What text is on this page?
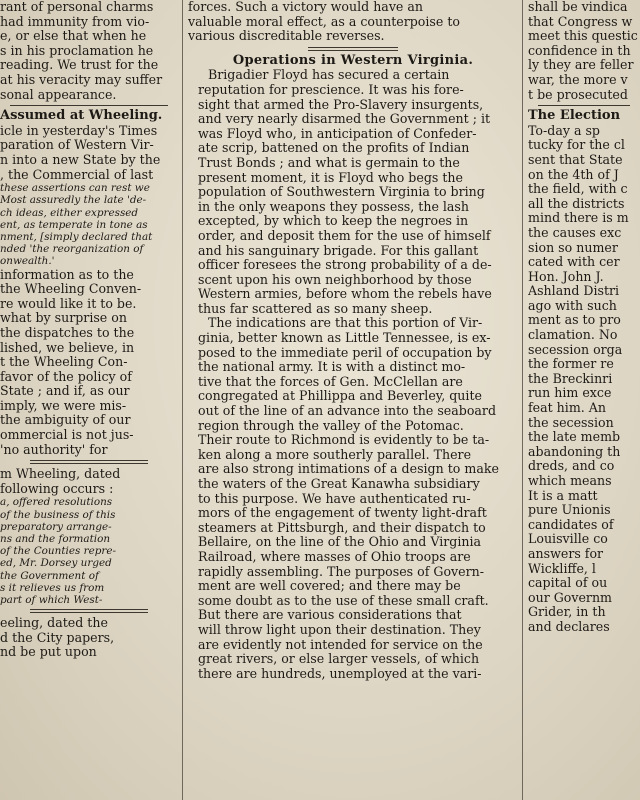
rant of personal charms
had immunity from vio-
e, or else that when he
s in his proclamation he
reading. We trust for the
at his veracity may suffer
sonal appearance.
Assumed at Wheeling.
icle in yesterday's Times
paration of Western Vir-
n into a new State by the
, the Commercial of last
these assertions can rest we
Most assuredly the late 'de-
ch ideas, either expressed
ent, as temperate in tone as
nment, [simply declared that
nded 'the reorganization of
onwealth.'
information as to the
the Wheeling Conven-
re would like it to be.
what by surprise on
the dispatches to the
lished, we believe, in
t the Wheeling Con-
favor of the policy of
State ; and if, as our
imply, we were mis-
the ambiguity of our
ommercial is not jus-
'no authority' for
m Wheeling, dated
following occurs :
a, offered resolutions
of the business of this
preparatory arrange-
ns and the formation
of the Counties repre-
ed, Mr. Dorsey urged
the Government of
s it relieves us from
part of which West-
eeling, dated the
d the City papers,
nd be put upon
forces. Such a victory would have an
valuable moral effect, as a counterpoise to
various discreditable reverses.
Operations in Western Virginia.
Brigadier Floyd has secured a certain
reputation for prescience. It was his fore-
sight that armed the Pro-Slavery insurgents,
and very nearly disarmed the Government ; it
was Floyd who, in anticipation of Confeder-
ate scrip, battened on the profits of Indian
Trust Bonds ; and what is germain to the
present moment, it is Floyd who begs the
population of Southwestern Virginia to bring
in the only weapons they possess, the lash
excepted, by which to keep the negroes in
order, and deposit them for the use of himself
and his sanguinary brigade. For this gallant
officer foresees the strong probability of a de-
scent upon his own neighborhood by those
Western armies, before whom the rebels have
thus far scattered as so many sheep.
The indications are that this portion of Vir-
ginia, better known as Little Tennessee, is ex-
posed to the immediate peril of occupation by
the national army. It is with a distinct mo-
tive that the forces of Gen. McClellan are
congregated at Phillippa and Beverley, quite
out of the line of an advance into the seaboard
region through the valley of the Potomac.
Their route to Richmond is evidently to be ta-
ken along a more southerly parallel. There
are also strong intimations of a design to make
the waters of the Great Kanawha subsidiary
to this purpose. We have authenticated ru-
mors of the engagement of twenty light-draft
steamers at Pittsburgh, and their dispatch to
Bellaire, on the line of the Ohio and Virginia
Railroad, where masses of Ohio troops are
rapidly assembling. The purposes of Govern-
ment are well covered; and there may be
some doubt as to the use of these small craft.
But there are various considerations that
will throw light upon their destination. They
are evidently not intended for service on the
great rivers, or else larger vessels, of which
there are hundreds, unemployed at the vari-
shall be vindica
that Congress w
meet this questic
confidence in th
ly they are feller
war, the more v
t be prosecuted
The Election
To-day a sp
tucky for the cl
sent that State
on the 4th of J
the field, with c
all the districts
mind there is m
the causes exc
sion so numer
cated with cer
Hon. John J.
Ashland Distri
ago with such
ment as to pro
clamation. No
secession orga
the former re
the Breckinri
run him exce
feat him. An
the secession
the late memb
abandoning th
dreds, and co
which means
It is a matt
pure Unionis
candidates of
Louisville co
answers for
Wickliffe, l
capital of ou
our Governm
Grider, in th
and declares
